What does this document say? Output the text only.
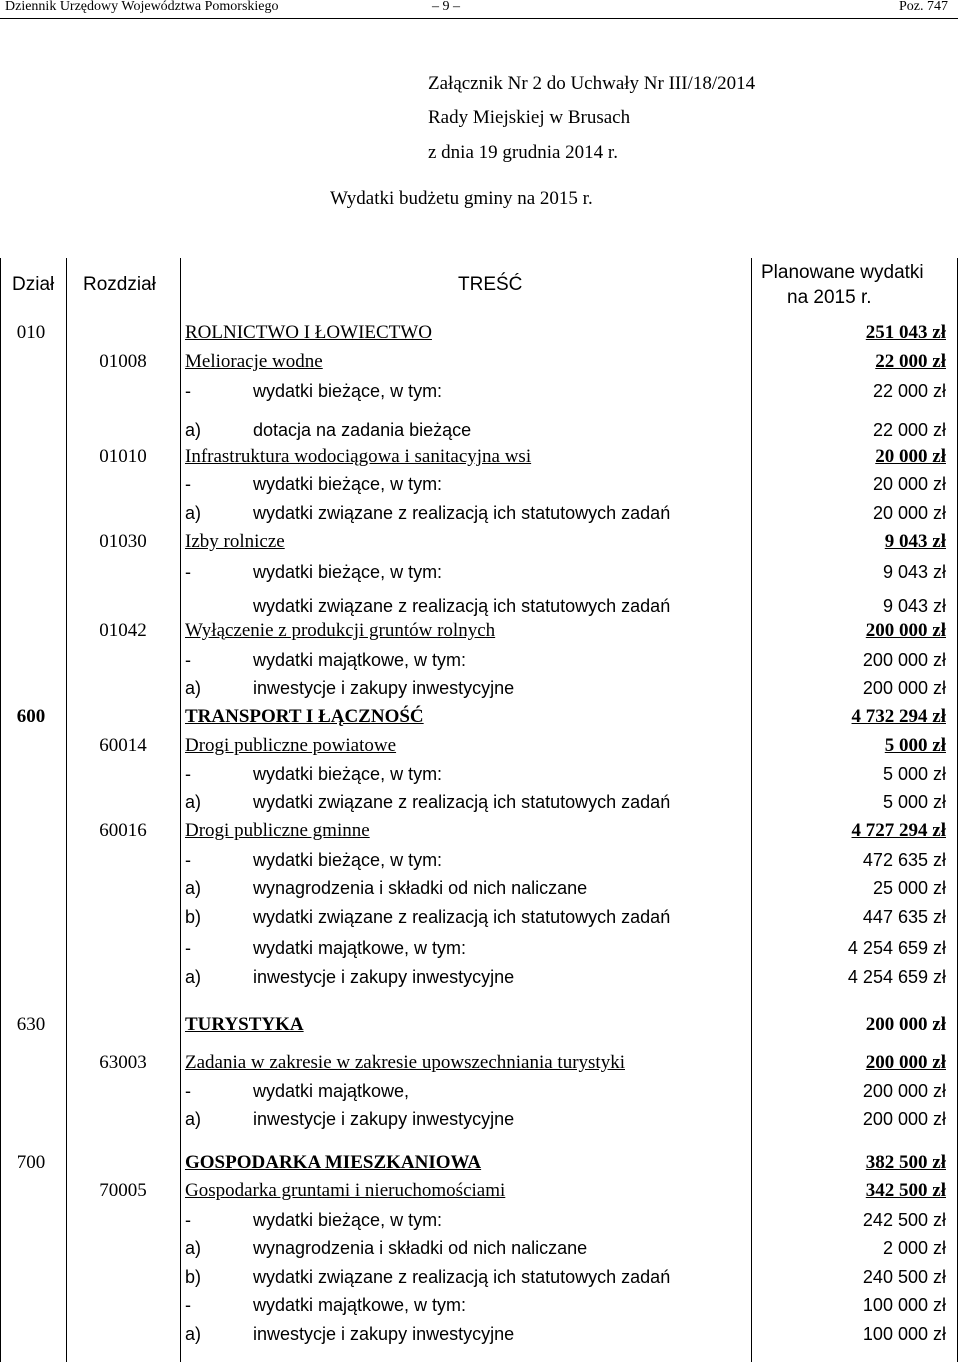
Dziennik Urzędowy Województwa Pomorskiego	– 9 –	Poz. 747
Załącznik Nr 2 do Uchwały Nr III/18/2014
Rady Miejskiej w Brusach
z dnia 19 grudnia 2014 r.
Wydatki budżetu gminy na 2015 r.
Dział Rozdział	TREŚĆ
Planowane wydatki
na 2015 r.
010	ROLNICTWO I ŁOWIECTWO	251 043 zł
01008	Melioracje wodne	22 000 zł
-	wydatki bieżące, w tym:	22 000 zł
a)	dotacja na zadania bieżące	22 000 zł
01010	Infrastruktura wodociągowa i sanitacyjna wsi	20 000 zł
-	wydatki bieżące, w tym:	20 000 zł
a)	wydatki związane z realizacją ich statutowych zadań	20 000 zł
01030	Izby rolnicze	9 043 zł
-	wydatki bieżące, w tym:	9 043 zł
wydatki związane z realizacją ich statutowych zadań	9 043 zł
01042	Wyłączenie z produkcji gruntów rolnych	200 000 zł
-	wydatki majątkowe, w tym:	200 000 zł
a)	inwestycje i zakupy inwestycyjne	200 000 zł
600	TRANSPORT I ŁĄCZNOŚĆ	4 732 294 zł
60014	Drogi publiczne powiatowe	5 000 zł
-	wydatki bieżące, w tym:	5 000 zł
a)	wydatki związane z realizacją ich statutowych zadań	5 000 zł
60016	Drogi publiczne gminne	4 727 294 zł
-	wydatki bieżące, w tym:	472 635 zł
a)	wynagrodzenia i składki od nich naliczane	25 000 zł
b)	wydatki związane z realizacją ich statutowych zadań	447 635 zł
-	wydatki majątkowe, w tym:	4 254 659 zł
a)	inwestycje i zakupy inwestycyjne	4 254 659 zł
630	TURYSTYKA	200 000 zł
63003	Zadania w zakresie w zakresie upowszechniania turystyki	200 000 zł
-	wydatki majątkowe,	200 000 zł
a)	inwestycje i zakupy inwestycyjne	200 000 zł
700	GOSPODARKA MIESZKANIOWA	382 500 zł
70005	Gospodarka gruntami i nieruchomościami	342 500 zł
-	wydatki bieżące, w tym:	242 500 zł
a)	wynagrodzenia i składki od nich naliczane	2 000 zł
b)	wydatki związane z realizacją ich statutowych zadań	240 500 zł
-	wydatki majątkowe, w tym:	100 000 zł
a)	inwestycje i zakupy inwestycyjne	100 000 zł
